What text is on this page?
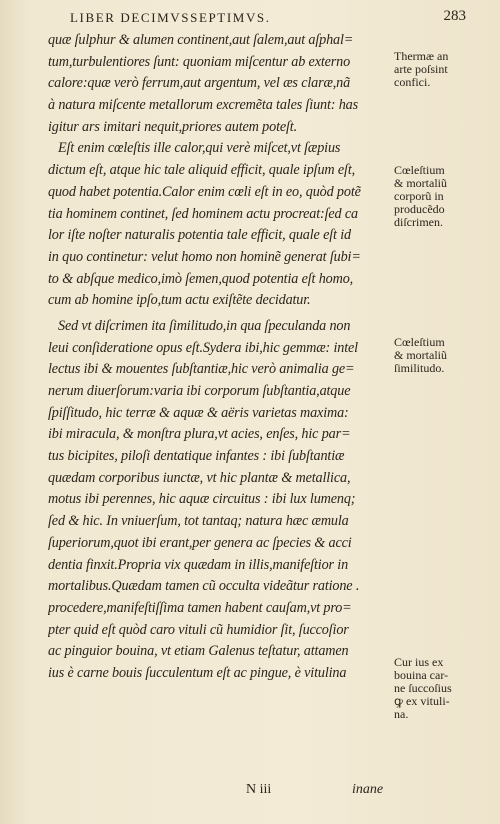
LIBER DECIMVSSEPTIMVS.	283
quæ ſulphur & alumen continent,aut ſalem,aut aſphal=
tum,turbulentiores ſunt: quoniam miſcentur ab externo
calore:quæ verò ferrum,aut argentum, vel æs claræ,nã
à natura miſcente metallorum excremẽta tales ſiunt: has
igitur ars imitari nequit,priores autem poteſt.
Eſt enim cœleſtis ille calor,qui verè miſcet,vt ſæpius
dictum eſt, atque hic tale aliquid efficit, quale ipſum eſt,
quod habet potentia.Calor enim cœli eſt in eo, quòd potẽ
tia hominem continet, ſed hominem actu procreat:ſed ca
lor iſte noſter naturalis potentia tale efficit, quale eſt id
in quo continetur: velut homo non hominẽ generat ſubi=
to & abſque medico,imò ſemen,quod potentia eſt homo,
cum ab homine ipſo,tum actu exiſtẽte decidatur.
Sed vt diſcrimen ita ſimilitudo,in qua ſpeculanda non
leui conſideratione opus eſt.Sydera ibi,hic gemmæ: intel
lectus ibi & mouentes ſubſtantiæ,hic verò animalia ge=
nerum diuerſorum:varia ibi corporum ſubſtantia,atque
ſpiſſitudo, hic terræ & aquæ & aëris varietas maxima:
ibi miracula, & monſtra plura,vt acies, enſes, hic par=
tus bicipites, piloſi dentatique infantes : ibi ſubſtantiæ
quædam corporibus iunctæ, vt hic plantæ & metallica,
motus ibi perennes, hic aquæ circuitus : ibi lux lumenq;
ſed & hic. In vniuerſum, tot tantaq; natura hæc æmula
ſuperiorum,quot ibi erant,per genera ac ſpecies & acci
dentia finxit.Propria vix quædam in illis,manifeſtior in
mortalibus.Quædam tamen cũ occulta videãtur ratione .
procedere,manifeſtiſſima tamen habent cauſam,vt pro=
pter quid eſt quòd caro vituli cũ humidior ſit, ſuccoſior
ac pinguior bouina, vt etiam Galenus teſtatur, attamen
ius è carne bouis ſucculentum eſt ac pingue, è vitulina
Thermæ an
arte poſsint
confici.
Cœleſtium
& mortaliũ
corporũ in
producẽdo
diſcrimen.
Cœleſtium
& mortaliũ
ſimilitudo.
Cur ius ex
bouina car-
ne ſuccoſius
ꝙ ex vituli-
na.
N iii	inane
